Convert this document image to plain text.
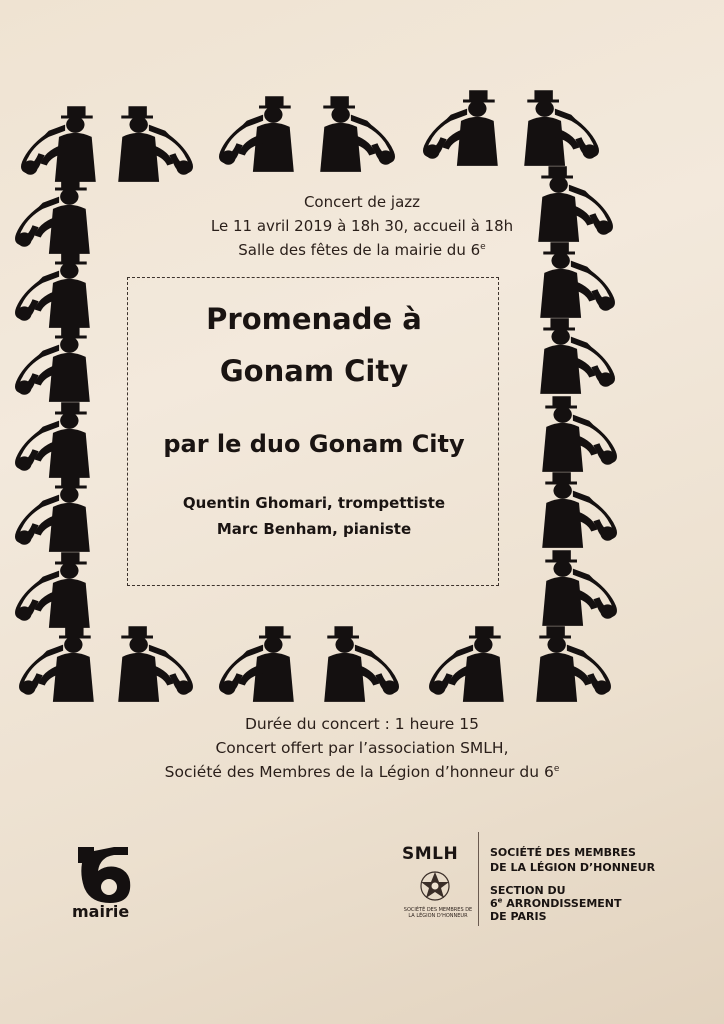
Concert de jazz
Le 11 avril 2019 à 18h 30, accueil à 18h
Salle des fêtes de la mairie du 6e
Promenade à
Gonam City
par le duo Gonam City
Quentin Ghomari, trompettiste
Marc Benham, pianiste
Durée du concert : 1 heure 15
Concert offert par l’association SMLH,
Société des Membres de la Légion d’honneur du 6e
mairie
SMLH
SOCIÉTÉ DES MEMBRES DE LA LÉGION D'HONNEUR
SOCIÉTÉ DES MEMBRES
DE LA LÉGION D’HONNEUR
SECTION DU
6e ARRONDISSEMENT
DE PARIS
